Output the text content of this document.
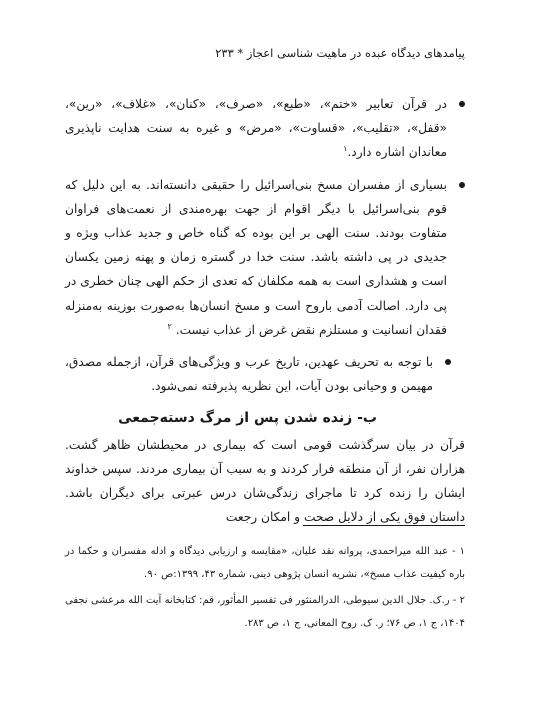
پیامدهای دیدگاه عبده در ماهیت شناسی اعجاز * ۲۳۳
در قرآن تعابیر «ختم»، «طبع»، «صرف»، «کنان»، «غلاف»، «رین»، «قفل»، «تقلیب»، «قساوت»، «مرض» و غیره به سنت هدایت ناپذیری معاندان اشاره دارد.$^۱$
بسیاری از مفسران مسخ بنی‌اسرائیل را حقیقی دانسته‌اند. به این دلیل که قوم بنی‌اسرائیل با دیگر اقوام از جهت بهره‌مندی از نعمت‌های فراوان متفاوت بودند. سنت الهی بر این بوده که گناه خاص و جدید عذاب ویژه و جدیدی در پی داشته باشد. سنت خدا در گستره زمان و پهنه زمین یکسان است و هشداری است به همه مکلفان که تعدی از حکم الهی چنان خطری در پی دارد. اصالت آدمی باروح است و مسخ انسان‌ها به‌صورت بوزینه به‌منزله فقدان انسانیت و مستلزم نقض غرض از عذاب نیست. $^۲$
با توجه به تحریف عهدین، تاریخ عرب و ویژگی‌های قرآن، ازجمله مصدق، مهیمن و وحیانی بودن آیات، این نظریه پذیرفته نمی‌شود.
ب- زنده شدن پس از مرگ دسته‌جمعی

قرآن در بیان سرگذشت قومی است که بیماری در محیطشان ظاهر گشت. هزاران نفر، از آن منطقه فرار کردند و به سبب آن بیماری مردند. سپس خداوند ایشان را زنده کرد تا ماجرای زندگی‌شان درس عبرتی برای دیگران باشد. داستان فوق یکی از دلایل صحت و امکان رجعت

۱ - عبد الله میراحمدی، پروانه نقد علیان، «مقایسه و ارزیابی دیدگاه و ادله مفسران و حکما در باره کیفیت عذاب مسخ»، نشریه انسان پژوهی دینی، شماره ۴۳، ۱۳۹۹:ص ۹۰.

۲ - ر.ک. جلال الدین سیوطی، الدرالمنثور فی تفسیر المأثور، قم: کتابخانه آیت الله مرعشی نجفی ۱۴۰۴، ج ۱، ص ۷۶؛ ر. ک. روح المعانی، ج ۱، ص ۲۸۳.
